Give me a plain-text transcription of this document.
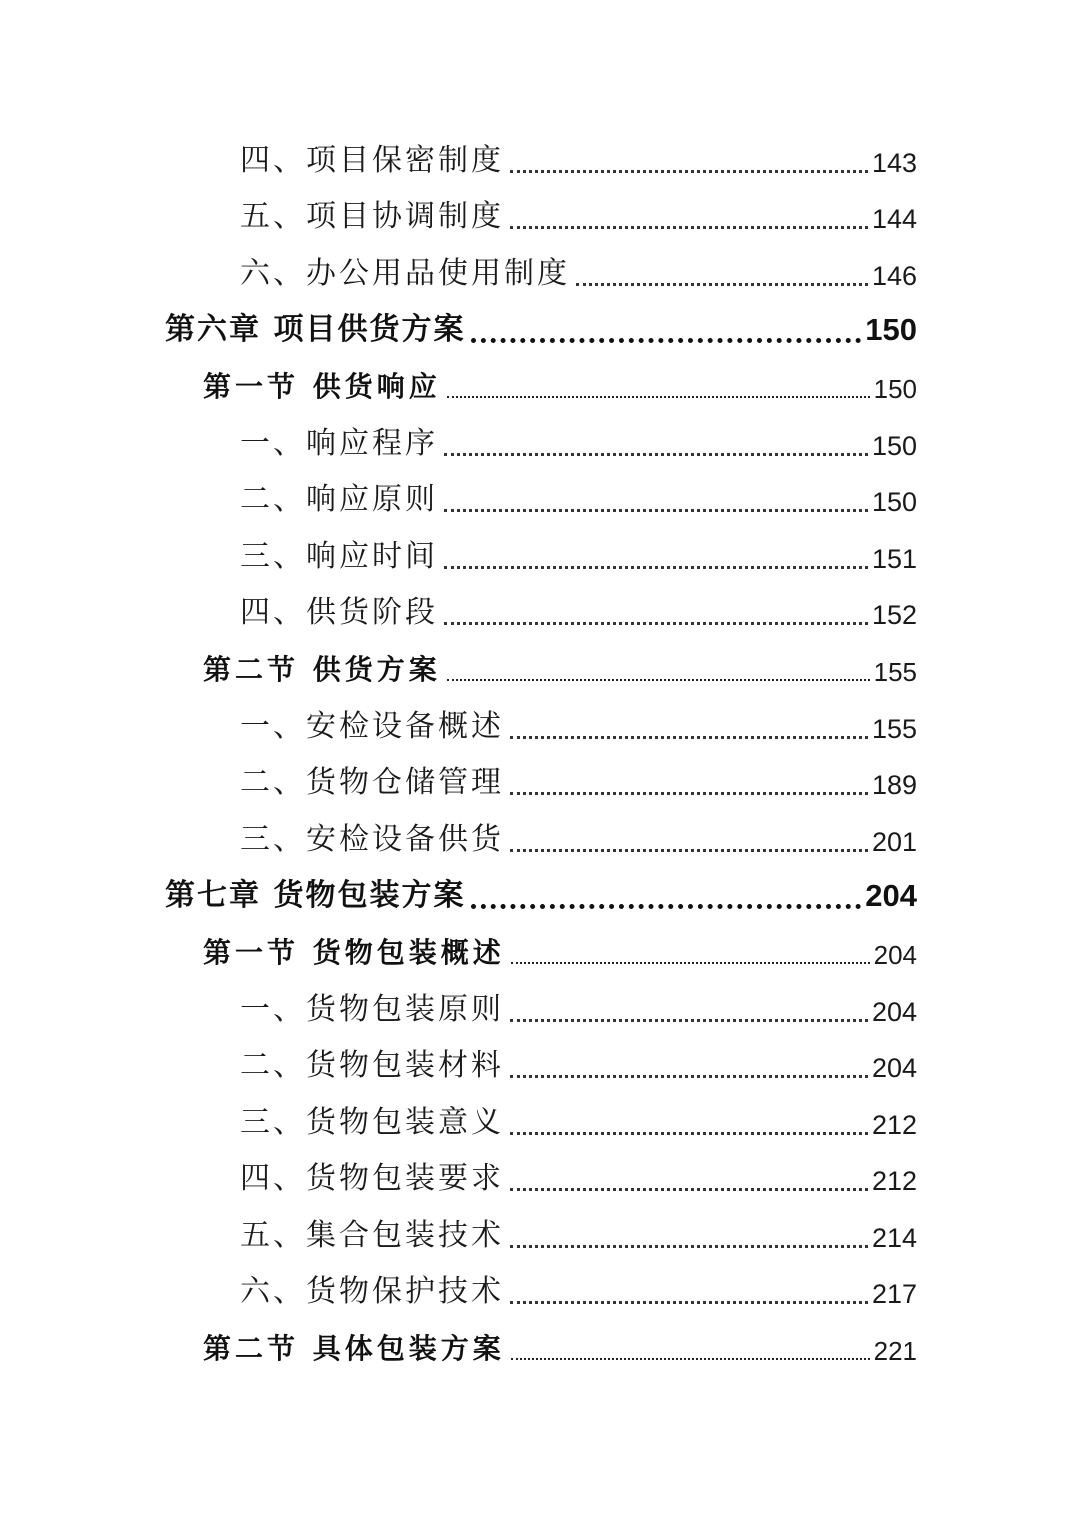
四、项目保密制度	143
五、项目协调制度	144
六、办公用品使用制度	146
第六章 项目供货方案	150
第一节 供货响应	150
一、响应程序	150
二、响应原则	150
三、响应时间	151
四、供货阶段	152
第二节 供货方案	155
一、安检设备概述	155
二、货物仓储管理	189
三、安检设备供货	201
第七章 货物包装方案	204
第一节 货物包装概述	204
一、货物包装原则	204
二、货物包装材料	204
三、货物包装意义	212
四、货物包装要求	212
五、集合包装技术	214
六、货物保护技术	217
第二节 具体包装方案	221
